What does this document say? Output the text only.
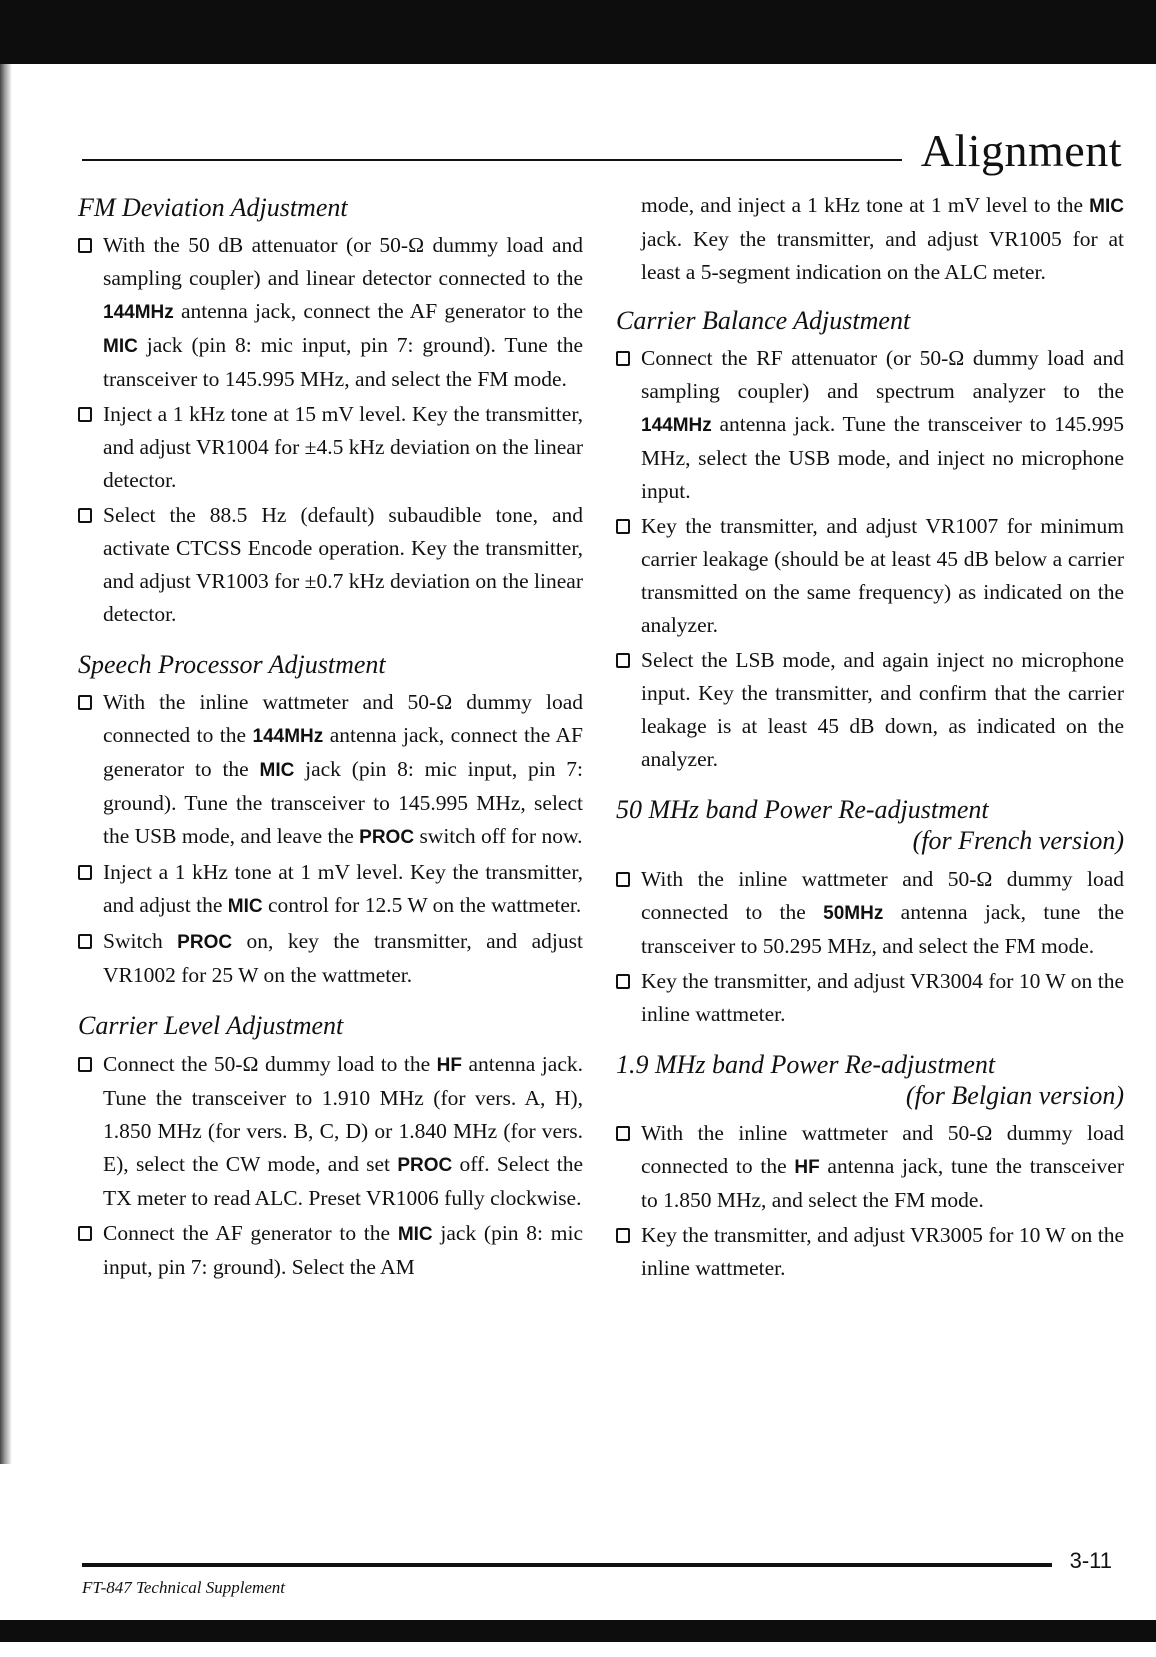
Alignment
FM Deviation Adjustment

With the 50 dB attenuator (or 50-Ω dummy load and sampling coupler) and linear detector connected to the 144MHz antenna jack, connect the AF generator to the MIC jack (pin 8: mic input, pin 7: ground). Tune the transceiver to 145.995 MHz, and select the FM mode.

Inject a 1 kHz tone at 15 mV level. Key the transmitter, and adjust VR1004 for ±4.5 kHz deviation on the linear detector.

Select the 88.5 Hz (default) subaudible tone, and activate CTCSS Encode operation. Key the transmitter, and adjust VR1003 for ±0.7 kHz deviation on the linear detector.

Speech Processor Adjustment

With the inline wattmeter and 50-Ω dummy load connected to the 144MHz antenna jack, connect the AF generator to the MIC jack (pin 8: mic input, pin 7: ground). Tune the transceiver to 145.995 MHz, select the USB mode, and leave the PROC switch off for now.

Inject a 1 kHz tone at 1 mV level. Key the transmitter, and adjust the MIC control for 12.5 W on the wattmeter.

Switch PROC on, key the transmitter, and adjust VR1002 for 25 W on the wattmeter.

Carrier Level Adjustment

Connect the 50-Ω dummy load to the HF antenna jack. Tune the transceiver to 1.910 MHz (for vers. A, H), 1.850 MHz (for vers. B, C, D) or 1.840 MHz (for vers. E), select the CW mode, and set PROC off. Select the TX meter to read ALC. Preset VR1006 fully clockwise.

Connect the AF generator to the MIC jack (pin 8: mic input, pin 7: ground). Select the AM

mode, and inject a 1 kHz tone at 1 mV level to the MIC jack. Key the transmitter, and adjust VR1005 for at least a 5-segment indication on the ALC meter.

Carrier Balance Adjustment

Connect the RF attenuator (or 50-Ω dummy load and sampling coupler) and spectrum analyzer to the 144MHz antenna jack. Tune the transceiver to 145.995 MHz, select the USB mode, and inject no microphone input.

Key the transmitter, and adjust VR1007 for minimum carrier leakage (should be at least 45 dB below a carrier transmitted on the same frequency) as indicated on the analyzer.

Select the LSB mode, and again inject no microphone input. Key the transmitter, and confirm that the carrier leakage is at least 45 dB down, as indicated on the analyzer.

50 MHz band Power Re-adjustment
(for French version)

With the inline wattmeter and 50-Ω dummy load connected to the 50MHz antenna jack, tune the transceiver to 50.295 MHz, and select the FM mode.

Key the transmitter, and adjust VR3004 for 10 W on the inline wattmeter.

1.9 MHz band Power Re-adjustment
(for Belgian version)

With the inline wattmeter and 50-Ω dummy load connected to the HF antenna jack, tune the transceiver to 1.850 MHz, and select the FM mode.

Key the transmitter, and adjust VR3005 for 10 W on the inline wattmeter.

3-11
FT-847 Technical Supplement
